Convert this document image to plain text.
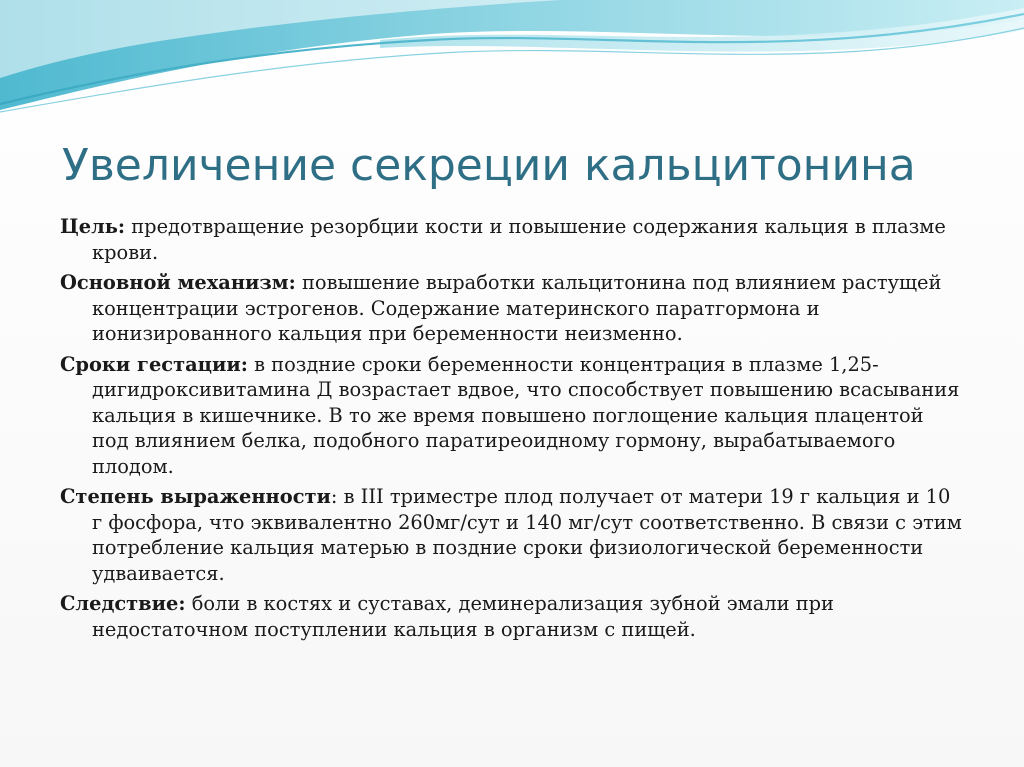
Увеличение секреции кальцитонина
Цель: предотвращение резорбции кости и повышение содержания кальция в плазме крови.
Основной механизм: повышение выработки кальцитонина под влиянием растущей концентрации эстрогенов. Содержание материнского паратгормона и ионизированного кальция при беременности неизменно.
Сроки гестации: в поздние сроки беременности концентрация в плазме 1,25-дигидроксивитамина Д возрастает вдвое, что способствует повышению всасывания кальция в кишечнике. В то же время повышено поглощение кальция плацентой под влиянием белка, подобного паратиреоидному гормону, вырабатываемого плодом.
Степень выраженности: в III триместре плод получает от матери 19 г кальция и 10 г фосфора, что эквивалентно 260мг/сут и 140 мг/сут соответственно. В связи с этим потребление кальция матерью в поздние сроки физиологической беременности удваивается.
Следствие: боли в костях и суставах, деминерализация зубной эмали при недостаточном поступлении кальция в организм с пищей.
